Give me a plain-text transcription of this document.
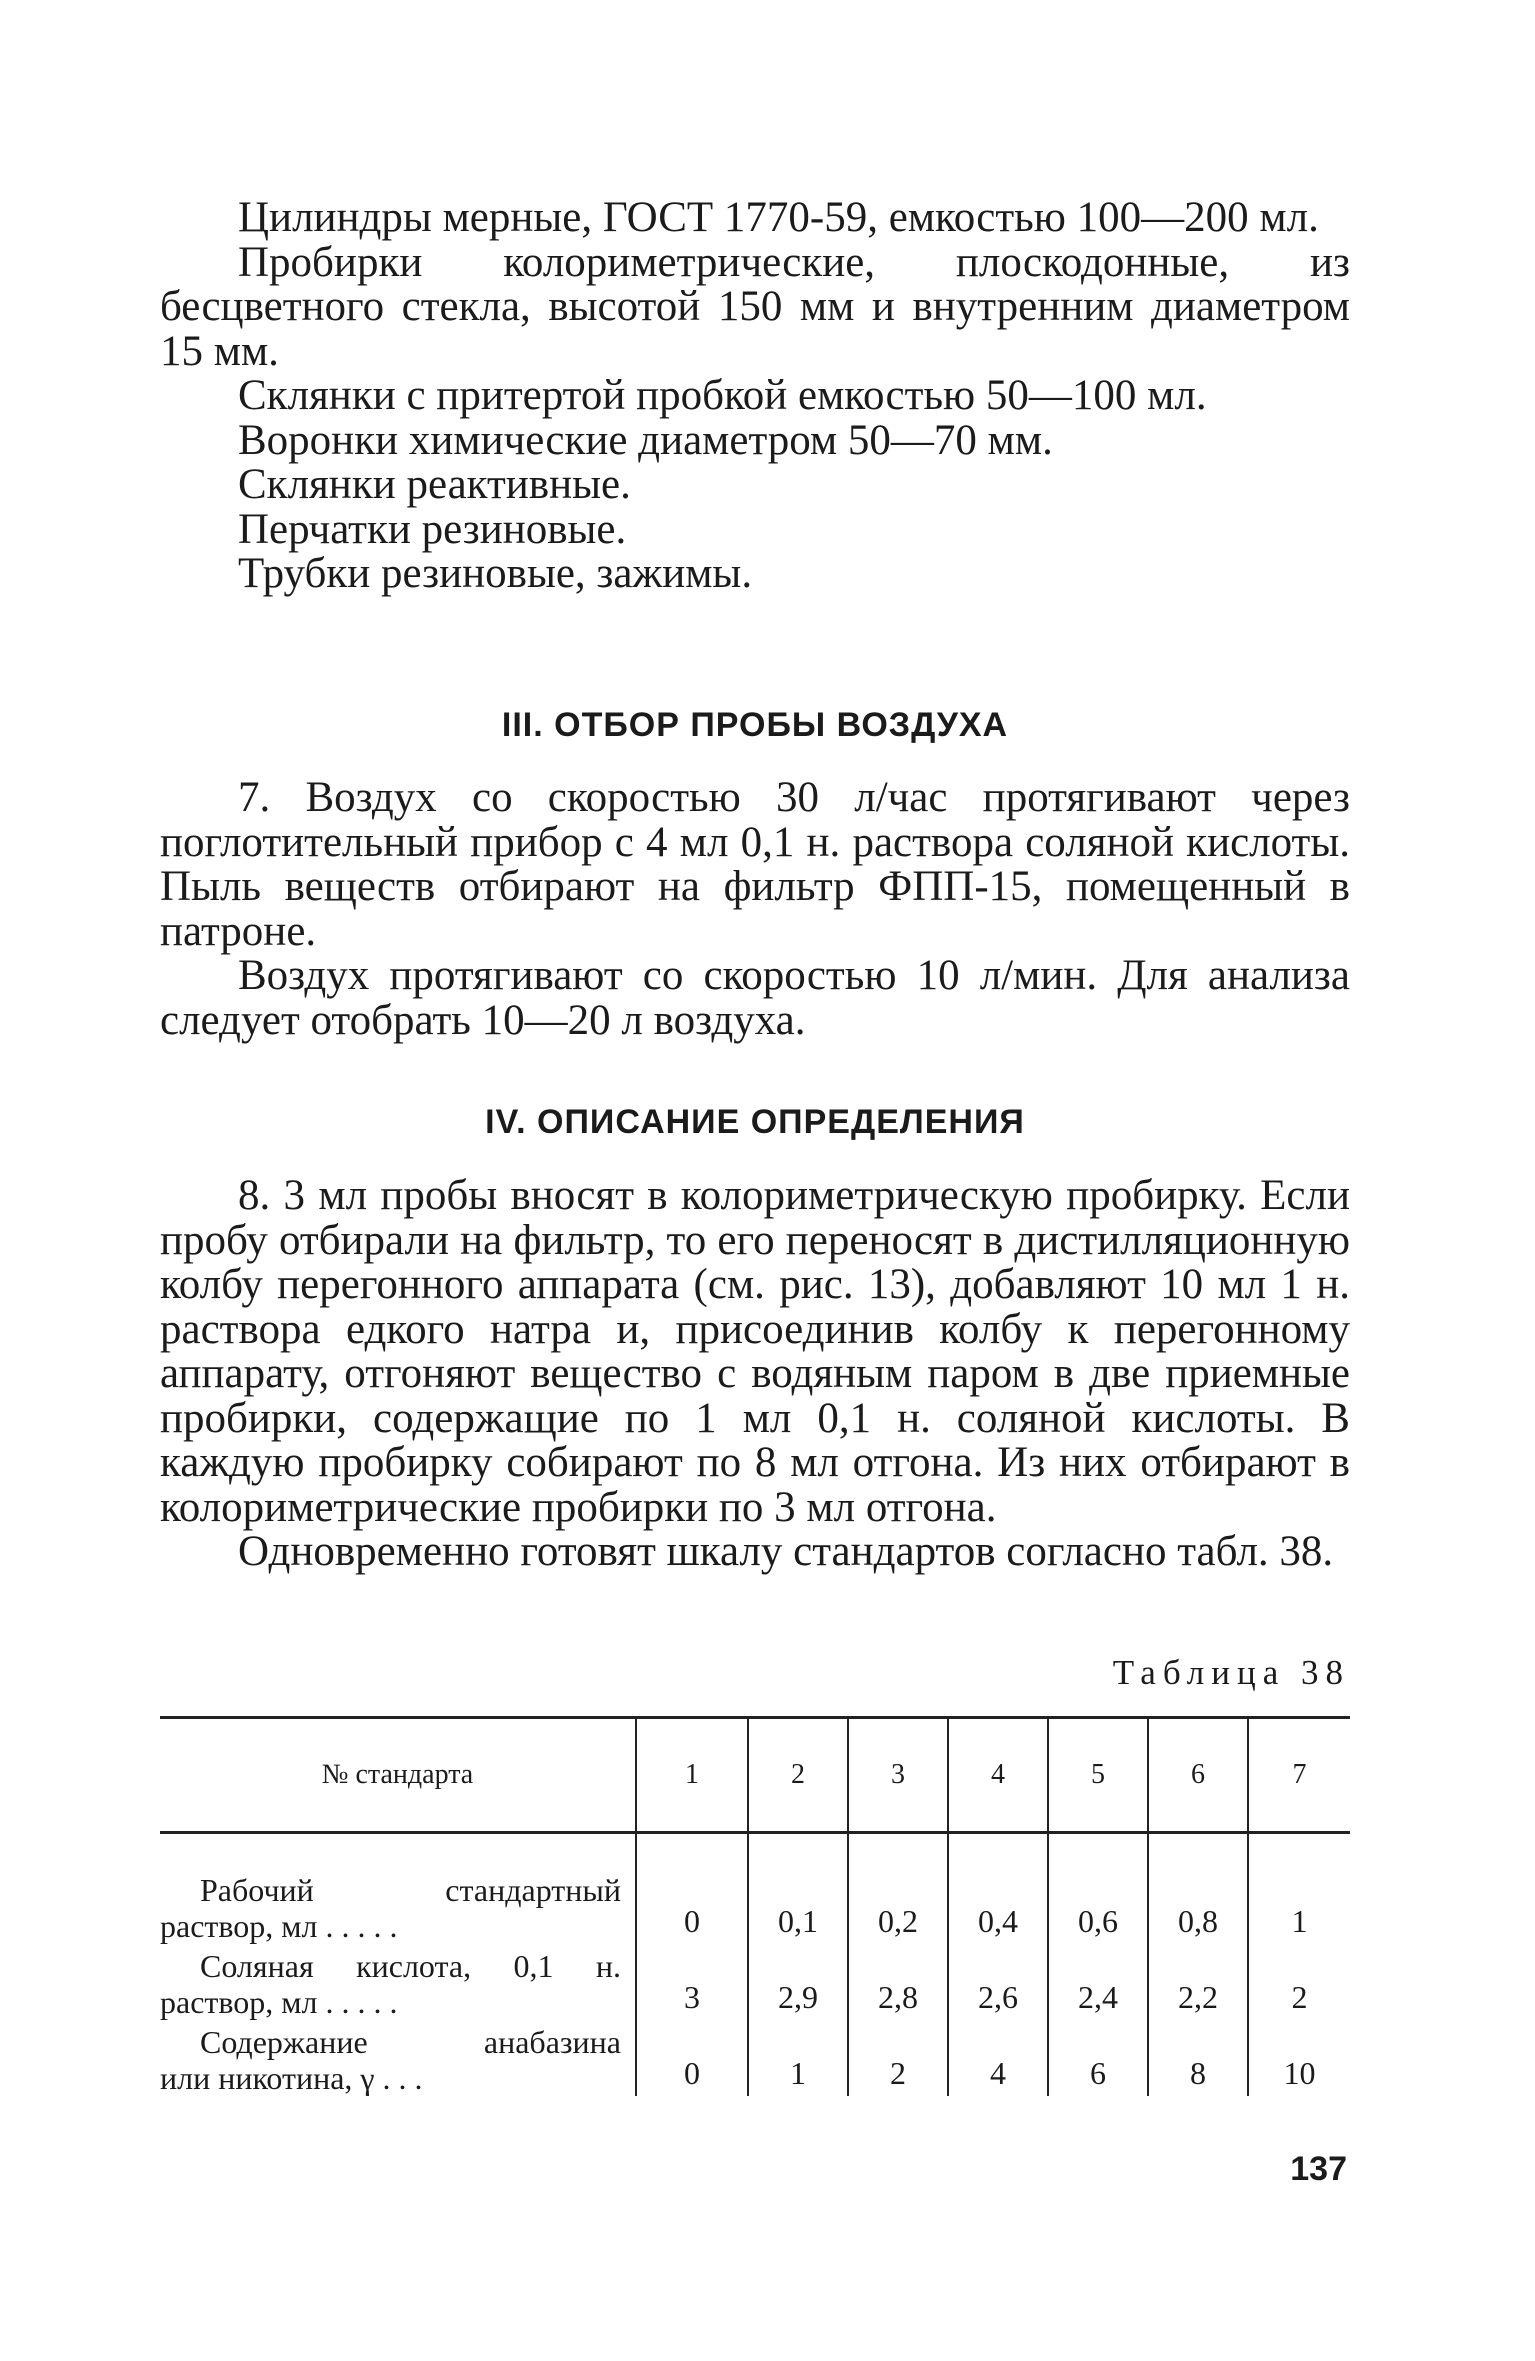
Цилиндры мерные, ГОСТ 1770-59, емкостью 100—200 мл.

Пробирки колориметрические, плоскодонные, из бесцветного стекла, высотой 150 мм и внутренним диаметром 15 мм.

Склянки с притертой пробкой емкостью 50—100 мл.

Воронки химические диаметром 50—70 мм.

Склянки реактивные.

Перчатки резиновые.

Трубки резиновые, зажимы.

III. ОТБОР ПРОБЫ ВОЗДУХА

7. Воздух со скоростью 30 л/час протягивают через поглотительный прибор с 4 мл 0,1 н. раствора соляной кислоты. Пыль веществ отбирают на фильтр ФПП-15, помещенный в патроне.

Воздух протягивают со скоростью 10 л/мин. Для анализа следует отобрать 10—20 л воздуха.

IV. ОПИСАНИЕ ОПРЕДЕЛЕНИЯ

8. 3 мл пробы вносят в колориметрическую пробирку. Если пробу отбирали на фильтр, то его переносят в дистилляционную колбу перегонного аппарата (см. рис. 13), добавляют 10 мл 1 н. раствора едкого натра и, присоединив колбу к перегонному аппарату, отгоняют вещество с водяным паром в две приемные пробирки, содержащие по 1 мл 0,1 н. соляной кислоты. В каждую пробирку собирают по 8 мл отгона. Из них отбирают в колориметрические пробирки по 3 мл отгона.

Одновременно готовят шкалу стандартов согласно табл. 38.

Таблица 38

№ стандарта	1	2	3	4	5	6	7

Рабочий стандартный
раствор, мл . . . . .	0	0,1	0,2	0,4	0,6	0,8	1

Соляная кислота, 0,1 н.
раствор, мл . . . . .	3	2,9	2,8	2,6	2,4	2,2	2

Содержание анабазина
или никотина, γ . . .	0	1	2	4	6	8	10

137
